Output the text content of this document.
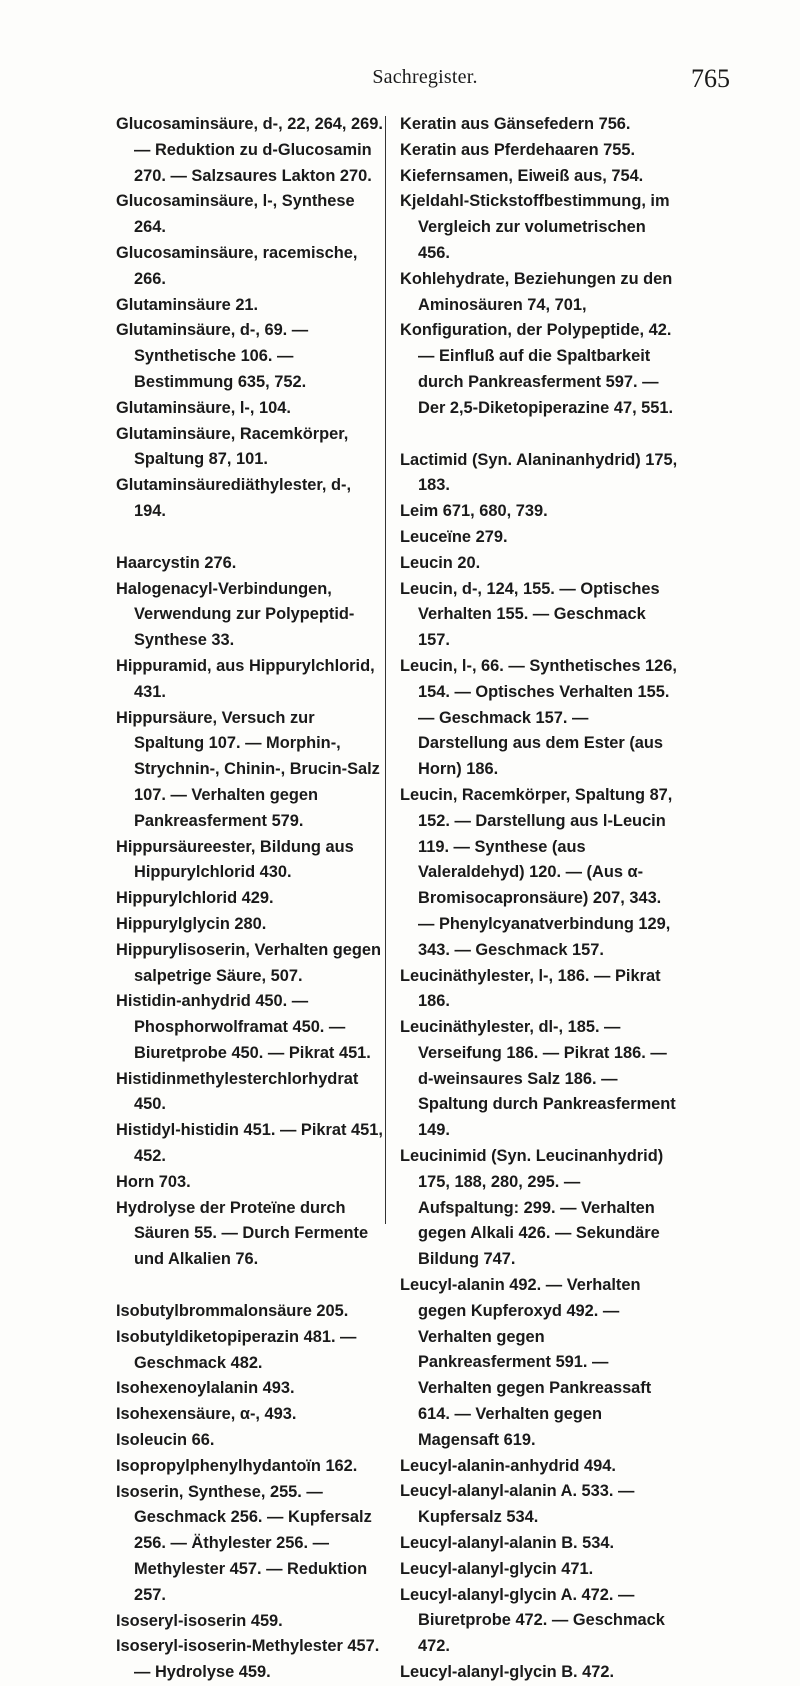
Sachregister.	765

Glucosaminsäure, d-, 22, 264, 269. — Reduktion zu d-Glucosamin 270. — Salzsaures Lakton 270.

Glucosaminsäure, l-, Synthese 264.

Glucosaminsäure, racemische, 266.

Glutaminsäure 21.

Glutaminsäure, d-, 69. — Synthetische 106. — Bestimmung 635, 752.

Glutaminsäure, l-, 104.

Glutaminsäure, Racemkörper, Spaltung 87, 101.

Glutaminsäurediäthylester, d-, 194.

Haarcystin 276.

Halogenacyl-Verbindungen, Verwendung zur Polypeptid-Synthese 33.

Hippuramid, aus Hippurylchlorid, 431.

Hippursäure, Versuch zur Spaltung 107. — Morphin-, Strychnin-, Chinin-, Brucin-Salz 107. — Verhalten gegen Pankreasferment 579.

Hippursäureester, Bildung aus Hippurylchlorid 430.

Hippurylchlorid 429.

Hippurylglycin 280.

Hippurylisoserin, Verhalten gegen salpetrige Säure, 507.

Histidin-anhydrid 450. — Phosphorwolframat 450. — Biuretprobe 450. — Pikrat 451.

Histidinmethylesterchlorhydrat 450.

Histidyl-histidin 451. — Pikrat 451, 452.

Horn 703.

Hydrolyse der Proteïne durch Säuren 55. — Durch Fermente und Alkalien 76.

Isobutylbrommalonsäure 205.

Isobutyldiketopiperazin 481. — Geschmack 482.

Isohexenoylalanin 493.

Isohexensäure, α-, 493.

Isoleucin 66.

Isopropylphenylhydantoïn 162.

Isoserin, Synthese, 255. — Geschmack 256. — Kupfersalz 256. — Äthylester 256. — Methylester 457. — Reduktion 257.

Isoseryl-isoserin 459.

Isoseryl-isoserin-Methylester 457. — Hydrolyse 459.

Keratin aus Gänsefedern 756.

Keratin aus Pferdehaaren 755.

Kiefernsamen, Eiweiß aus, 754.

Kjeldahl-Stickstoffbestimmung, im Vergleich zur volumetrischen 456.

Kohlehydrate, Beziehungen zu den Aminosäuren 74, 701,

Konfiguration, der Polypeptide, 42. — Einfluß auf die Spaltbarkeit durch Pankreasferment 597. — Der 2,5-Diketopiperazine 47, 551.

Lactimid (Syn. Alaninanhydrid) 175, 183.

Leim 671, 680, 739.

Leuceïne 279.

Leucin 20.

Leucin, d-, 124, 155. — Optisches Verhalten 155. — Geschmack 157.

Leucin, l-, 66. — Synthetisches 126, 154. — Optisches Verhalten 155. — Geschmack 157. — Darstellung aus dem Ester (aus Horn) 186.

Leucin, Racemkörper, Spaltung 87, 152. — Darstellung aus l-Leucin 119. — Synthese (aus Valeraldehyd) 120. — (Aus α-Bromisocapronsäure) 207, 343. — Phenylcyanatverbindung 129, 343. — Geschmack 157.

Leucinäthylester, l-, 186. — Pikrat 186.

Leucinäthylester, dl-, 185. — Verseifung 186. — Pikrat 186. — d-weinsaures Salz 186. — Spaltung durch Pankreasferment 149.

Leucinimid (Syn. Leucinanhydrid) 175, 188, 280, 295. — Aufspaltung: 299. — Verhalten gegen Alkali 426. — Sekundäre Bildung 747.

Leucyl-alanin 492. — Verhalten gegen Kupferoxyd 492. — Verhalten gegen Pankreasferment 591. — Verhalten gegen Pankreassaft 614. — Verhalten gegen Magensaft 619.

Leucyl-alanin-anhydrid 494.

Leucyl-alanyl-alanin A. 533. — Kupfersalz 534.

Leucyl-alanyl-alanin B. 534.

Leucyl-alanyl-glycin 471.

Leucyl-alanyl-glycin A. 472. — Biuretprobe 472. — Geschmack 472.

Leucyl-alanyl-glycin B. 472.
